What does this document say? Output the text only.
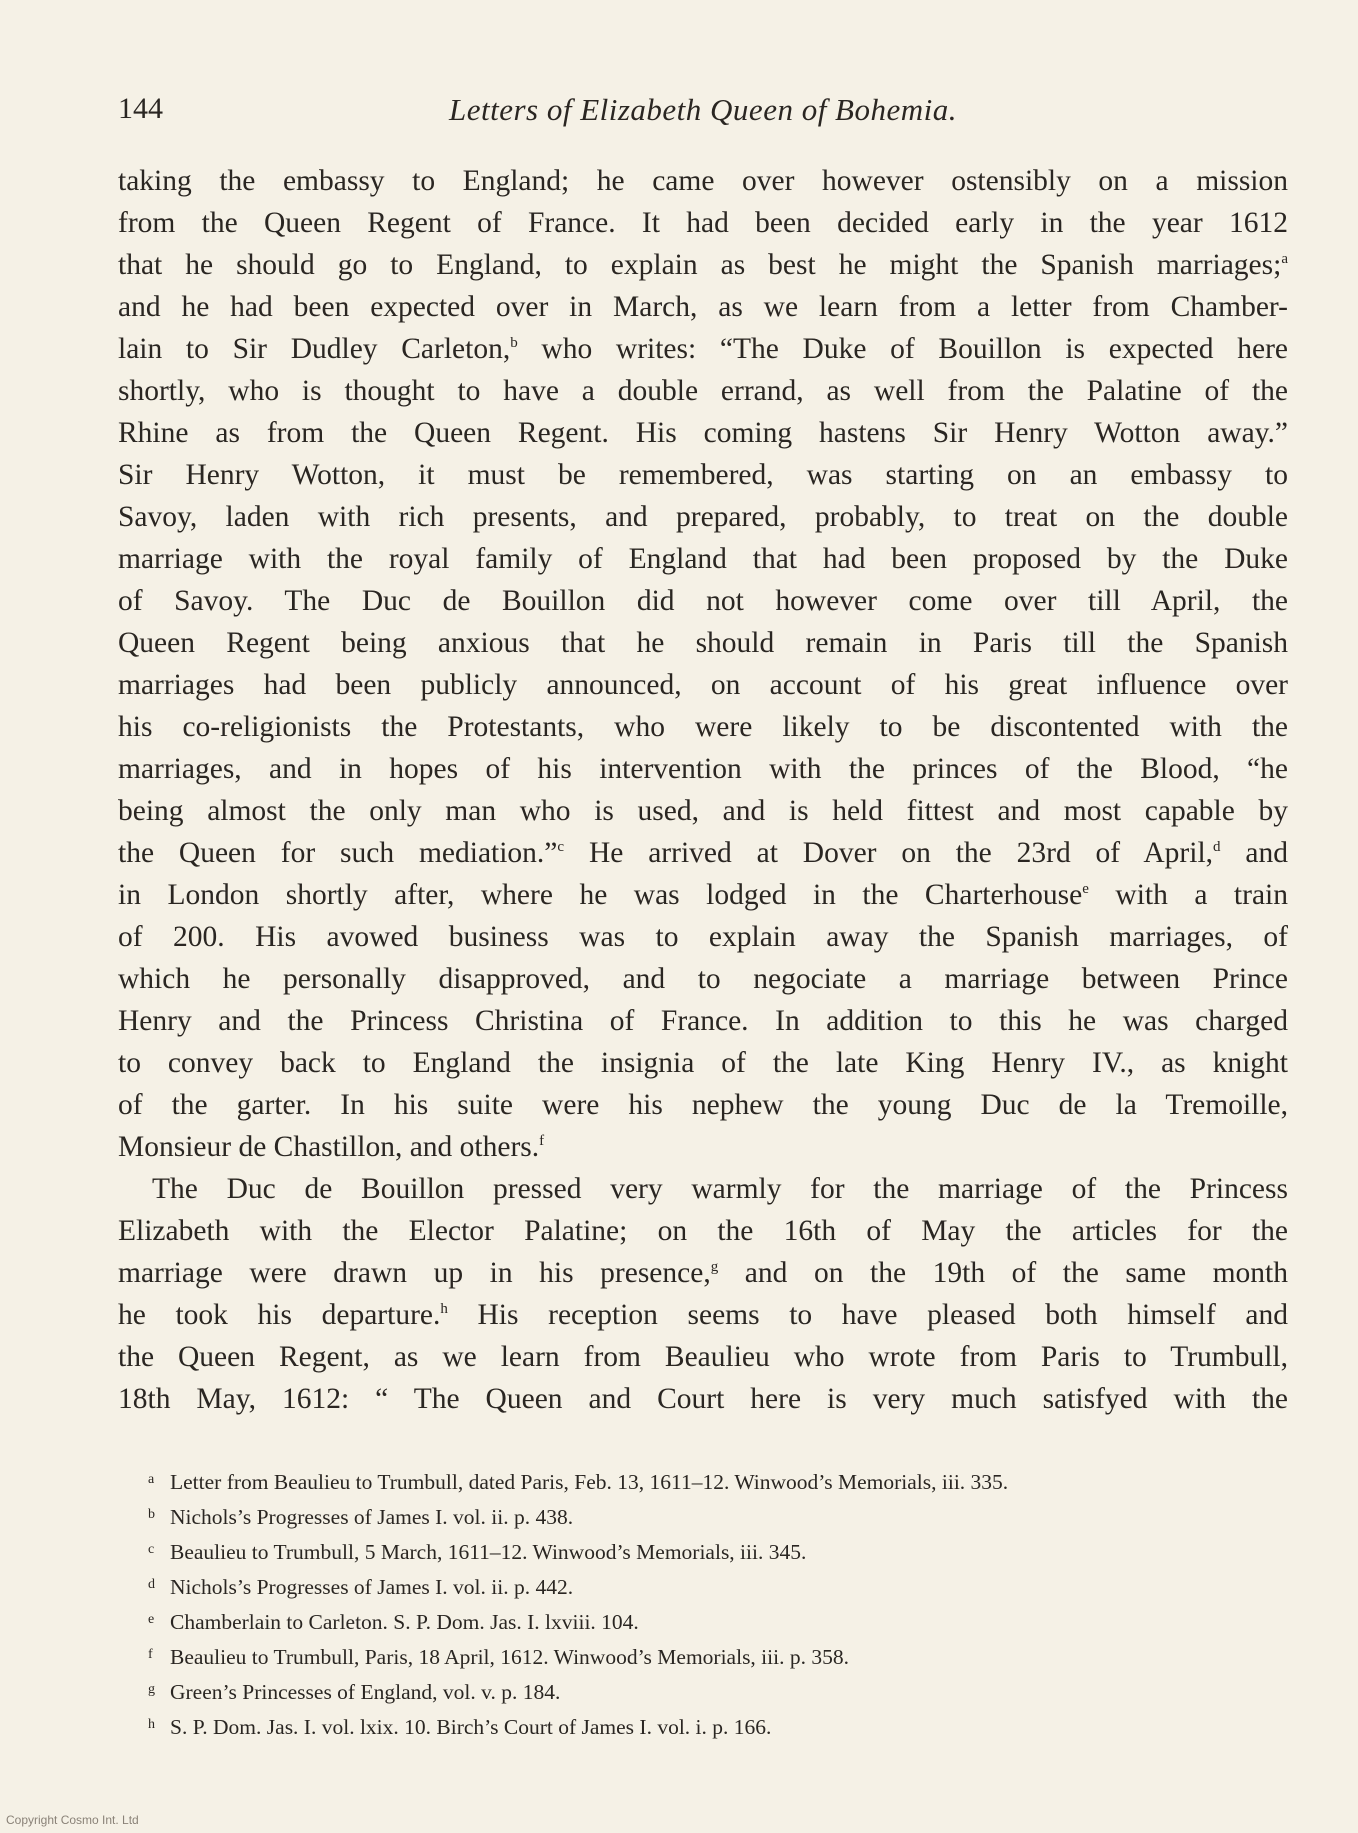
144	Letters of Elizabeth Queen of Bohemia.
taking the embassy to England; he came over however ostensibly on a mission
from the Queen Regent of France. It had been decided early in the year 1612
that he should go to England, to explain as best he might the Spanish marriages;$^a$
and he had been expected over in March, as we learn from a letter from Chamber-
lain to Sir Dudley Carleton,$^b$ who writes: “The Duke of Bouillon is expected here
shortly, who is thought to have a double errand, as well from the Palatine of the
Rhine as from the Queen Regent. His coming hastens Sir Henry Wotton away.”
Sir Henry Wotton, it must be remembered, was starting on an embassy to
Savoy, laden with rich presents, and prepared, probably, to treat on the double
marriage with the royal family of England that had been proposed by the Duke
of Savoy. The Duc de Bouillon did not however come over till April, the
Queen Regent being anxious that he should remain in Paris till the Spanish
marriages had been publicly announced, on account of his great influence over
his co-religionists the Protestants, who were likely to be discontented with the
marriages, and in hopes of his intervention with the princes of the Blood, “he
being almost the only man who is used, and is held fittest and most capable by
the Queen for such mediation.”$^c$ He arrived at Dover on the 23rd of April,$^d$ and
in London shortly after, where he was lodged in the Charterhouse$^e$ with a train
of 200. His avowed business was to explain away the Spanish marriages, of
which he personally disapproved, and to negociate a marriage between Prince
Henry and the Princess Christina of France. In addition to this he was charged
to convey back to England the insignia of the late King Henry IV., as knight
of the garter. In his suite were his nephew the young Duc de la Tremoille,
Monsieur de Chastillon, and others.$^f$
The Duc de Bouillon pressed very warmly for the marriage of the Princess
Elizabeth with the Elector Palatine; on the 16th of May the articles for the
marriage were drawn up in his presence,$^g$ and on the 19th of the same month
he took his departure.$^h$ His reception seems to have pleased both himself and
the Queen Regent, as we learn from Beaulieu who wrote from Paris to Trumbull,
18th May, 1612: “ The Queen and Court here is very much satisfyed with the
a Letter from Beaulieu to Trumbull, dated Paris, Feb. 13, 1611–12. Winwood’s Memorials, iii. 335.
b Nichols’s Progresses of James I. vol. ii. p. 438.
c Beaulieu to Trumbull, 5 March, 1611–12. Winwood’s Memorials, iii. 345.
d Nichols’s Progresses of James I. vol. ii. p. 442.
e Chamberlain to Carleton. S. P. Dom. Jas. I. lxviii. 104.
f Beaulieu to Trumbull, Paris, 18 April, 1612. Winwood’s Memorials, iii. p. 358.
g Green’s Princesses of England, vol. v. p. 184.
h S. P. Dom. Jas. I. vol. lxix. 10. Birch’s Court of James I. vol. i. p. 166.
Copyright Cosmo Int. Ltd
